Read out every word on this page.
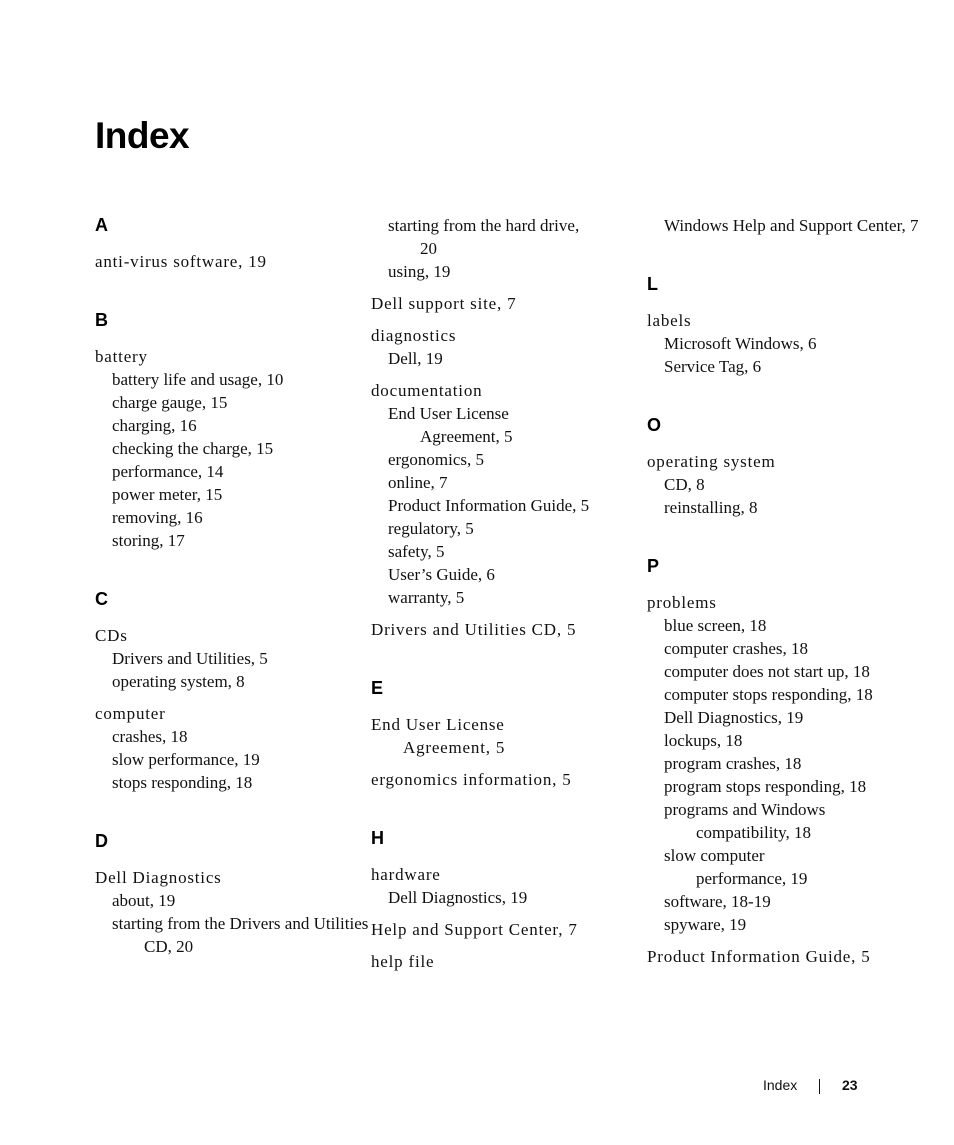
Index
A
anti-virus software, 19
B
battery
battery life and usage, 10
charge gauge, 15
charging, 16
checking the charge, 15
performance, 14
power meter, 15
removing, 16
storing, 17
C
CDs
Drivers and Utilities, 5
operating system, 8
computer
crashes, 18
slow performance, 19
stops responding, 18
D
Dell Diagnostics
about, 19
starting from the Drivers and Utilities CD, 20
starting from the hard drive, 20
using, 19
Dell support site, 7
diagnostics
Dell, 19
documentation
End User License Agreement, 5
ergonomics, 5
online, 7
Product Information Guide, 5
regulatory, 5
safety, 5
User’s Guide, 6
warranty, 5
Drivers and Utilities CD, 5
E
End User License Agreement, 5
ergonomics information, 5
H
hardware
Dell Diagnostics, 19
Help and Support Center, 7
help file
Windows Help and Support Center, 7
L
labels
Microsoft Windows, 6
Service Tag, 6
O
operating system
CD, 8
reinstalling, 8
P
problems
blue screen, 18
computer crashes, 18
computer does not start up, 18
computer stops responding, 18
Dell Diagnostics, 19
lockups, 18
program crashes, 18
program stops responding, 18
programs and Windows compatibility, 18
slow computer performance, 19
software, 18-19
spyware, 19
Product Information Guide, 5
Index	23
